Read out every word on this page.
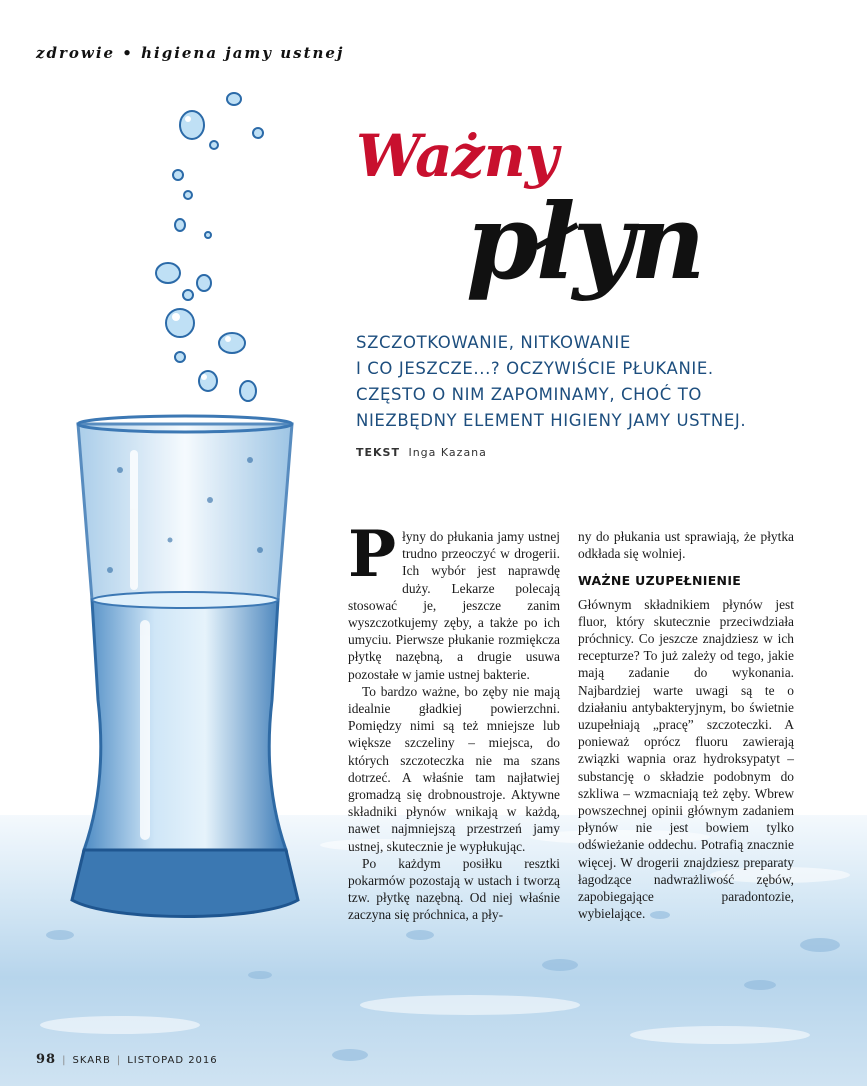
zdrowie • higiena jamy ustnej
Ważny
płyn
SZCZOTKOWANIE, NITKOWANIE
I CO JESZCZE...? OCZYWIŚCIE PŁUKANIE.
CZĘSTO O NIM ZAPOMINAMY, CHOĆ TO
NIEZBĘDNY ELEMENT HIGIENY JAMY USTNEJ.
TEKST Inga Kazana

Płyny do płukania jamy ustnej trudno przeoczyć w drogerii. Ich wybór jest naprawdę duży. Lekarze polecają stosować je, jeszcze zanim wyszczotkujemy zęby, a także po ich umyciu. Pierwsze płukanie rozmiękcza płytkę nazębną, a drugie usuwa pozostałe w jamie ustnej bakterie.

To bardzo ważne, bo zęby nie mają idealnie gładkiej powierzchni. Pomiędzy nimi są też mniejsze lub większe szczeliny – miejsca, do których szczoteczka nie ma szans dotrzeć. A właśnie tam najłatwiej gromadzą się drobnoustroje. Aktywne składniki płynów wnikają w każdą, nawet najmniejszą przestrzeń jamy ustnej, skutecznie je wypłukując.

Po każdym posiłku resztki pokarmów pozostają w ustach i tworzą tzw. płytkę nazębną. Od niej właśnie zaczyna się próchnica, a pły-

ny do płukania ust sprawiają, że płytka odkłada się wolniej.

WAŻNE UZUPEŁNIENIE

Głównym składnikiem płynów jest fluor, który skutecznie przeciwdziała próchnicy. Co jeszcze znajdziesz w ich recepturze? To już zależy od tego, jakie mają zadanie do wykonania. Najbardziej warte uwagi są te o działaniu antybakteryjnym, bo świetnie uzupełniają „pracę” szczoteczki. A ponieważ oprócz fluoru zawierają związki wapnia oraz hydroksypatyt – substancję o składzie podobnym do szkliwa – wzmacniają też zęby. Wbrew powszechnej opinii głównym zadaniem płynów nie jest bowiem tylko odświeżanie oddechu. Potrafią znacznie więcej. W drogerii znajdziesz preparaty łagodzące nadwrażliwość zębów, zapobiegające paradontozie, wybielające.

98 | SKARB | LISTOPAD 2016
